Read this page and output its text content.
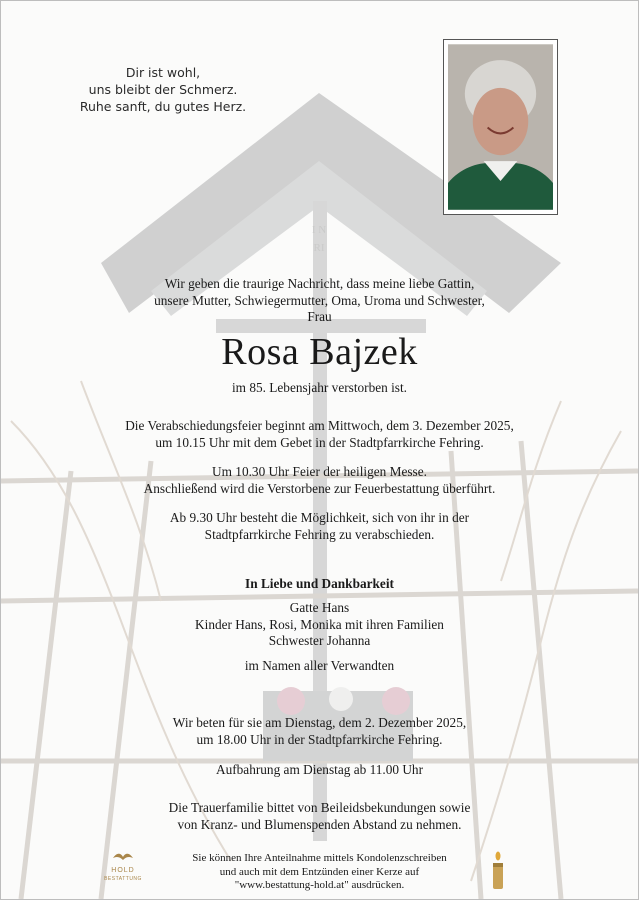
I N
RI
Dir ist wohl,
uns bleibt der Schmerz.
Ruhe sanft, du gutes Herz.
Wir geben die traurige Nachricht, dass meine liebe Gattin,
unsere Mutter, Schwiegermutter, Oma, Uroma und Schwester,
Frau
Rosa Bajzek
im 85. Lebensjahr verstorben ist.
Die Verabschiedungsfeier beginnt am Mittwoch, dem 3. Dezember 2025,
um 10.15 Uhr mit dem Gebet in der Stadtpfarrkirche Fehring.
Um 10.30 Uhr Feier der heiligen Messe.
Anschließend wird die Verstorbene zur Feuerbestattung überführt.
Ab 9.30 Uhr besteht die Möglichkeit, sich von ihr in der
Stadtpfarrkirche Fehring zu verabschieden.
In Liebe und Dankbarkeit
Gatte Hans
Kinder Hans, Rosi, Monika mit ihren Familien
Schwester Johanna
im Namen aller Verwandten
Wir beten für sie am Dienstag, dem 2. Dezember 2025,
um 18.00 Uhr in der Stadtpfarrkirche Fehring.
Aufbahrung am Dienstag ab 11.00 Uhr
Die Trauerfamilie bittet von Beileidsbekundungen sowie
von Kranz- und Blumenspenden Abstand zu nehmen.
Sie können Ihre Anteilnahme mittels Kondolenzschreiben
und auch mit dem Entzünden einer Kerze auf
"www.bestattung-hold.at" ausdrücken.
HOLD
BESTATTUNG
